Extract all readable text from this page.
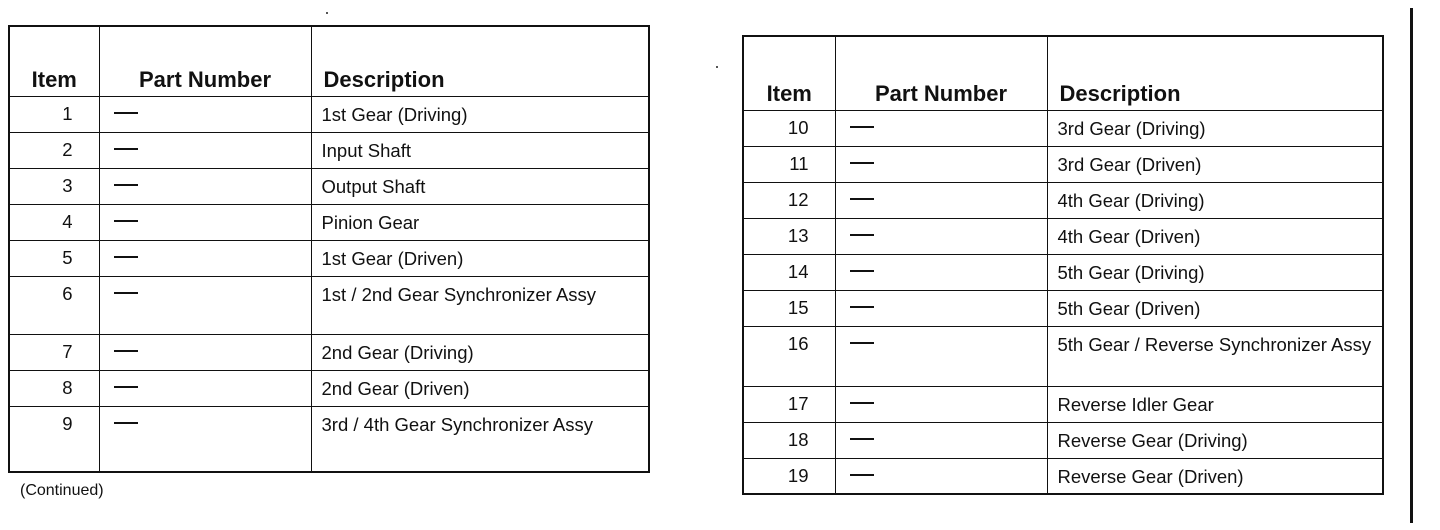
Item	Part Number	Description
1		1st Gear (Driving)
2		Input Shaft
3		Output Shaft
4		Pinion Gear
5		1st Gear (Driven)
6		1st / 2nd Gear Synchronizer Assy
7		2nd Gear (Driving)
8		2nd Gear (Driven)
9		3rd / 4th Gear Synchronizer Assy
Item	Part Number	Description
10		3rd Gear (Driving)
11		3rd Gear (Driven)
12		4th Gear (Driving)
13		4th Gear (Driven)
14		5th Gear (Driving)
15		5th Gear (Driven)
16		5th Gear / Reverse Synchronizer Assy
17		Reverse Idler Gear
18		Reverse Gear (Driving)
19		Reverse Gear (Driven)
(Continued)
